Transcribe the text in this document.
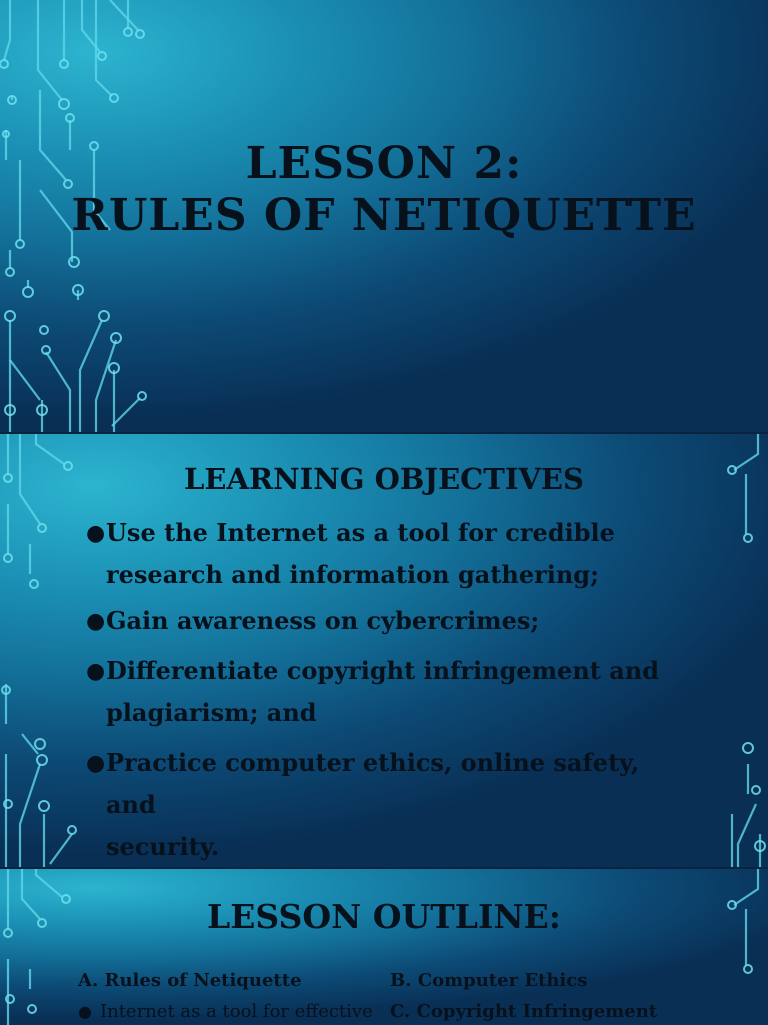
LESSON 2:
RULES OF NETIQUETTE
LEARNING OBJECTIVES
● Use the Internet as a tool for credible
research and information gathering;
● Gain awareness on cybercrimes;
● Differentiate copyright infringement and
plagiarism; and
● Practice computer ethics, online safety, and
security.
LESSON OUTLINE:
A. Rules of Netiquette
● Internet as a tool for effective
B. Computer Ethics
C. Copyright Infringement
